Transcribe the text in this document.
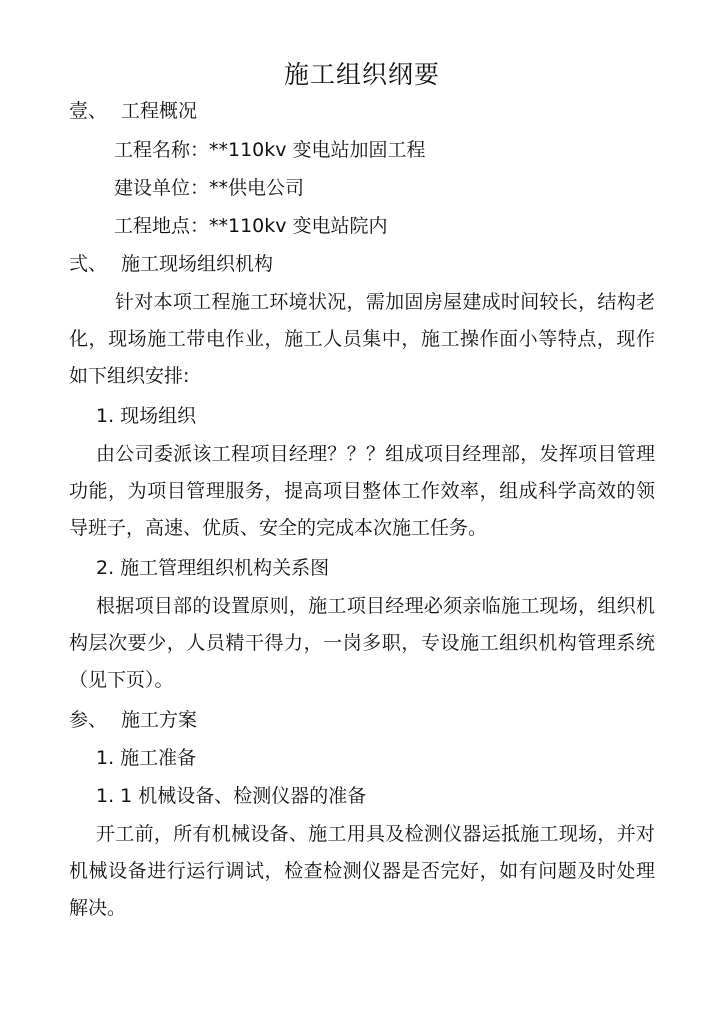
施工组织纲要
壹、 工程概况
工程名称：**110kv 变电站加固工程
建设单位：**供电公司
工程地点：**110kv 变电站院内
弍、 施工现场组织机构
针对本项工程施工环境状况，需加固房屋建成时间较长，结构老化，现场施工带电作业，施工人员集中，施工操作面小等特点，现作如下组织安排:
1. 现场组织
由公司委派该工程项目经理？？？组成项目经理部，发挥项目管理功能，为项目管理服务，提高项目整体工作效率，组成科学高效的领导班子，高速、优质、安全的完成本次施工任务。
2. 施工管理组织机构关系图
根据项目部的设置原则，施工项目经理必须亲临施工现场，组织机构层次要少，人员精干得力，一岗多职，专设施工组织机构管理系统（见下页）。
参、 施工方案
1. 施工准备
1. 1 机械设备、检测仪器的准备
开工前，所有机械设备、施工用具及检测仪器运抵施工现场，并对机械设备进行运行调试，检查检测仪器是否完好，如有问题及时处理解决。
